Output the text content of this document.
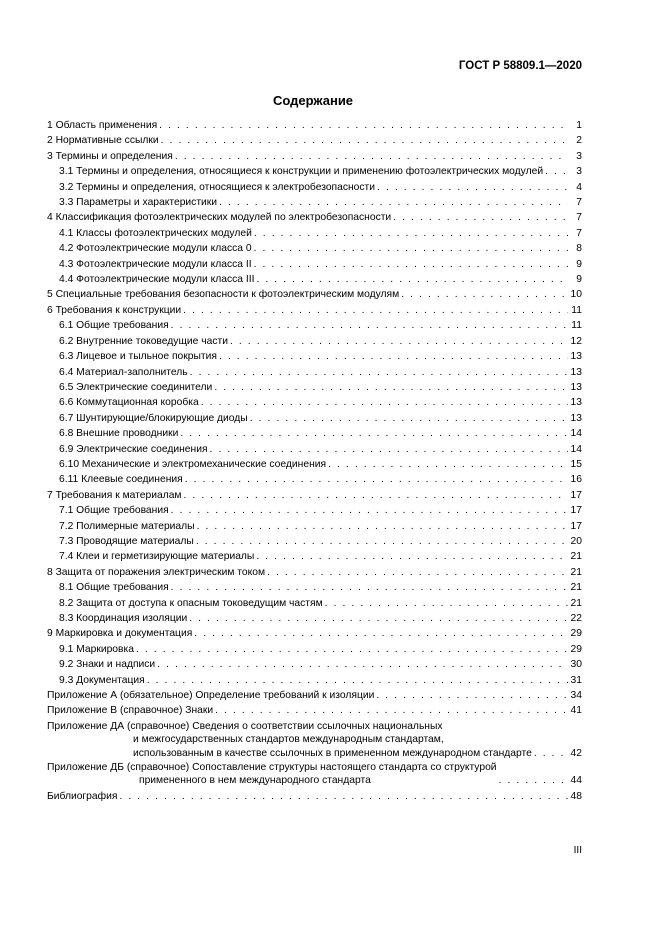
ГОСТ Р 58809.1—2020
Содержание
1 Область применения . . .	1
2 Нормативные ссылки . . .	2
3 Термины и определения . . .	3
3.1 Термины и определения, относящиеся к конструкции и применению фотоэлектрических модулей . . .	3
3.2 Термины и определения, относящиеся к электробезопасности . . .	4
3.3 Параметры и характеристики . . .	7
4 Классификация фотоэлектрических модулей по электробезопасности . . .	7
4.1 Классы фотоэлектрических модулей . . .	7
4.2 Фотоэлектрические модули класса 0 . . .	8
4.3 Фотоэлектрические модули класса II . . .	9
4.4 Фотоэлектрические модули класса III . . .	9
5 Специальные требования безопасности к фотоэлектрическим модулям . . .	10
6 Требования к конструкции . . .	11
6.1 Общие требования . . .	11
6.2 Внутренние токоведущие части . . .	12
6.3 Лицевое и тыльное покрытия . . .	13
6.4 Материал-заполнитель . . .	13
6.5 Электрические соединители . . .	13
6.6 Коммутационная коробка . . .	13
6.7 Шунтирующие/блокирующие диоды . . .	13
6.8 Внешние проводники . . .	14
6.9 Электрические соединения . . .	14
6.10 Механические и электромеханические соединения . . .	15
6.11 Клеевые соединения . . .	16
7 Требования к материалам . . .	17
7.1 Общие требования . . .	17
7.2 Полимерные материалы . . .	17
7.3 Проводящие материалы . . .	20
7.4 Клеи и герметизирующие материалы . . .	21
8 Защита от поражения электрическим током . . .	21
8.1 Общие требования . . .	21
8.2 Защита от доступа к опасным токоведущим частям . . .	21
8.3 Координация изоляции . . .	22
9 Маркировка и документация . . .	29
9.1 Маркировка . . .	29
9.2 Знаки и надписи . . .	30
9.3 Документация . . .	31
Приложение А (обязательное) Определение требований к изоляции . . .	34
Приложение В (справочное) Знаки . . .	41
Приложение ДА (справочное) Сведения о соответствии ссылочных национальных
и межгосударственных стандартов международным стандартам,
использованным в качестве ссылочных в примененном международном стандарте . . .	42
Приложение ДБ (справочное) Сопоставление структуры настоящего стандарта со структурой
примененного в нем международного стандарта . . .	44
Библиография . . .	48
III
